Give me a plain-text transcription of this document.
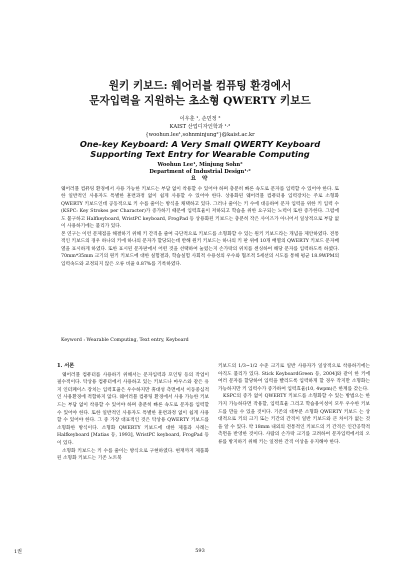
원키 키보드: 웨어러블 컴퓨팅 환경에서
문자입력을 지원하는 초소형 QWERTY 키보드
이우훈 ¹, 손민정 ²
KAIST 산업디자인학과 ¹·²
{woohun.lee¹,sohnminjung²}@kaist.ac.kr
One-key Keyboard: A Very Small QWERTY Keyboard
Supporting Text Entry for Wearable Computing
Woohun Lee¹, Minjung Sohn²
Department of Industrial Design¹·²
요 약

웨어러블 컴퓨팅 환경에서 사용 가능한 키보드는 부담 없이 착용할 수 있어야 하며 충분히 빠른 속도로 문자를 입력할 수 있어야 한다. 또한 일반적인 사용자도 특별한 훈련과정 없이 쉽게 사용할 수 있어야 한다. 상용화된 웨어러블 컴퓨터용 입력장치는 주로 소형화 QWERTY 키보드인데 공동적으로 키 수를 줄이는 방식을 채택하고 있다. 그러나 줄이는 키 수에 대응하여 문자 입력을 위한 키 입력 수(KSPC: Key Strokes per Character)가 증가하기 때문에 입력효율이 저하되고 학습을 위한 요구되는 노력이 또한 증가한다. 그럼에도 불구하고 Halfkeyboard, WristPC keyboard, FrogPad 등 상용화된 키보드는 충분히 작은 사이즈가 아니어서 일상적으로 부담 없이 사용하기에는 불리가 있다.

본 연구는 이런 문제점을 해결하기 위해 키 간격을 줄여 극단적으로 키보드를 소형화할 수 있는 원키 키보드라는 개념을 제안하였다. 전통적인 키보드의 경우 하나의 키에 하나의 문자가 할당되는데 반해 원키 키보드는 하나의 키 판 위에 10개 배열의 QWERTY 키보드 문자배열을 표시하게 하였다. 또한 표시된 문자판에서 어떤 것을 선택하여 눌렀는지 손가락의 위치를 센싱하여 해당 문자를 입력하도록 하였다. 70mm*35mm 크기의 원키 키보드에 대한 실험결과, 학습실험 사회적 수용성의 우수와 협조적 5세션의 시도를 통해 평균 18.9WPM의 입력속도와 교정되지 않은 오류 비율 0.87%를 기록하였다.

Keyword : Wearable Computing, Text entry, Keyboard
1. 서론

웨어러블 컴퓨터를 사용하기 위해서는 문자입력과 포인팅 등의 작업이 필수적이다. 탁상용 컴퓨터에서 사용하고 있는 키보드나 마우스와 같은 유지 인터페이스 장치는 입력효율은 우수하지만 휴대성 측면에서 이동중심적인 사용환경에 적합하지 않다. 웨어러블 컴퓨팅 환경에서 사용 가능한 키보드는 부담 없이 착용할 수 있어야 하며 충분히 빠른 속도로 문자를 입력할 수 있어야 한다. 또한 일반적인 사용자도 특별한 훈련과정 없이 쉽게 사용할 수 있어야 한다. 그 중 가장 대표적인 것은 탁상용 QWERTY 키보드를 소형화한 방식이다. 소형화 QWERTY 키보드에 대한 제품과 사례는 Halfkeyboard [Matias 등, 1993], WristPC keyboard, FrogPad 등이 있다.

소형화 키보드는 키 수를 줄이는 방식으로 구현하였다. 현재까지 제품화된 소형화 키보드는 기존 노트북

키보드의 1/3~1/2 수준 크기로 일반 사용자가 일상적으로 착용하기에는 아직도 불리가 있다. Stick KeyboardGreen 등, 2004]와 같이 한 키에 여러 문자를 할당하여 입력을 빨리도록 입력하게 할 경우 작지만 소형화는 가능하지만 키 입력수가 증가하여 입력효율(10, 4wpm)은 한계를 갖는다.

KSPC의 증가 없이 QWERTY 키보드를 소형화할 수 있는 방법으는 한 가지 가능하다면 작용할, 입력효율 그리고 학습용이성이 모두 우수한 키보드를 만들 수 있을 것이다. 기존의 대부분 소형화 QWERTY 키보드 는 상대적으로 키의 크기 또는 키간의 간격이 일반 키보드와 큰 차이가 없는 것을 알 수 있다. 약 18mm 내외의 전통적인 키보드의 키 간격은 인간공학적 측면을 반영한 것이다. 사람의 손가락 크기를 고려하여 문자입력에서의 오류를 방지하기 위해 키는 일정한 간격 이상을 유지해야 한다.

1권	593
